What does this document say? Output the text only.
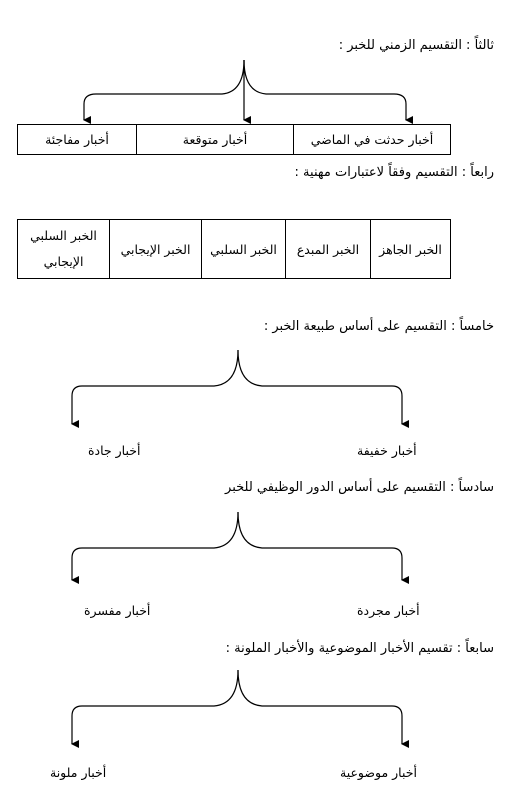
ثالثاً : التقسيم الزمني للخبر :
أخبار حدثت في الماضي	أخبار متوقعة	أخبار مفاجئة
رابعاً : التقسيم وفقاً لاعتبارات مهنية :
الخبر الجاهز	الخبر المبدع	الخبر السلبي	الخبر الإيجابي	الخبر السلبي الإيجابي
خامساً : التقسيم على أساس طبيعة الخبر :
أخبار خفيفة
أخبار جادة
سادساً : التقسيم على أساس الدور الوظيفي للخبر
أخبار مجردة
أخبار مفسرة
سابعاً : تقسيم الأخبار الموضوعية والأخبار الملونة :
أخبار موضوعية
أخبار ملونة
